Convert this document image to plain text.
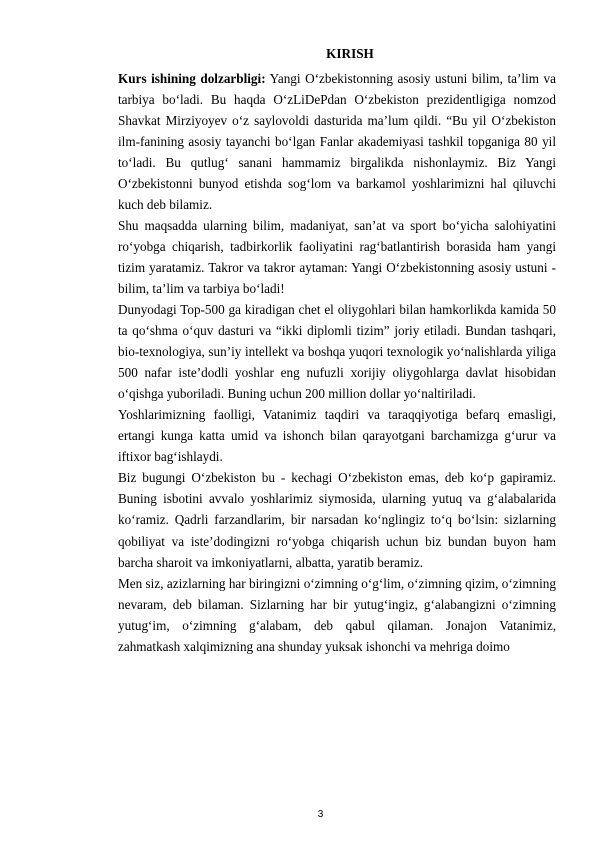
KIRISH

Kurs ishining dolzarbligi: Yangi O‘zbekistonning asosiy ustuni bilim, ta’lim va tarbiya bo‘ladi. Bu haqda O‘zLiDePdan O‘zbekiston prezidentligiga nomzod Shavkat Mirziyoyev o‘z saylovoldi dasturida ma’lum qildi. “Bu yil O‘zbekiston ilm-fanining asosiy tayanchi bo‘lgan Fanlar akademiyasi tashkil topganiga 80 yil to‘ladi. Bu qutlug‘ sanani hammamiz birgalikda nishonlaymiz. Biz Yangi O‘zbekistonni bunyod etishda sog‘lom va barkamol yoshlarimizni hal qiluvchi kuch deb bilamiz.

Shu maqsadda ularning bilim, madaniyat, san’at va sport bo‘yicha salohiyatini ro‘yobga chiqarish, tadbirkorlik faoliyatini rag‘batlantirish borasida ham yangi tizim yaratamiz. Takror va takror aytaman: Yangi O‘zbekistonning asosiy ustuni - bilim, ta’lim va tarbiya bo‘ladi!

Dunyodagi Top-500 ga kiradigan chet el oliygohlari bilan hamkorlikda kamida 50 ta qo‘shma o‘quv dasturi va “ikki diplomli tizim” joriy etiladi. Bundan tashqari, bio-texnologiya, sun’iy intellekt va boshqa yuqori texnologik yo‘nalishlarda yiliga 500 nafar iste’dodli yoshlar eng nufuzli xorijiy oliygohlarga davlat hisobidan o‘qishga yuboriladi. Buning uchun 200 million dollar yo‘naltiriladi.

Yoshlarimizning faolligi, Vatanimiz taqdiri va taraqqiyotiga befarq emasligi, ertangi kunga katta umid va ishonch bilan qarayotgani barchamizga g‘urur va iftixor bag‘ishlaydi.

Biz bugungi O‘zbekiston bu - kechagi O‘zbekiston emas, deb ko‘p gapiramiz. Buning isbotini avvalo yoshlarimiz siymosida, ularning yutuq va g‘alabalarida ko‘ramiz. Qadrli farzandlarim, bir narsadan ko‘nglingiz to‘q bo‘lsin: sizlarning qobiliyat va iste’dodingizni ro‘yobga chiqarish uchun biz bundan buyon ham barcha sharoit va imkoniyatlarni, albatta, yaratib beramiz.

Men siz, azizlarning har biringizni o‘zimning o‘g‘lim, o‘zimning qizim, o‘zimning nevaram, deb bilaman. Sizlarning har bir yutug‘ingiz, g‘alabangizni o‘zimning yutug‘im, o‘zimning g‘alabam, deb qabul qilaman. Jonajon Vatanimiz, zahmatkash xalqimizning ana shunday yuksak ishonchi va mehriga doimo

3
